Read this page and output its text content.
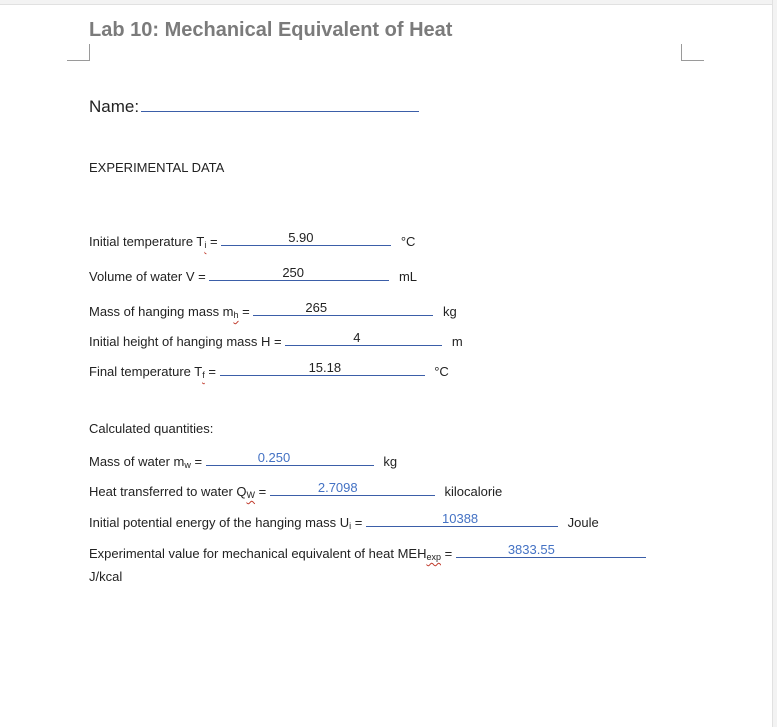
Lab 10: Mechanical Equivalent of Heat
Name:
EXPERIMENTAL DATA
Initial temperature $T_i$ =	5.90	°C
Volume of water V =	250	mL
Mass of hanging mass $m_h$ =	265	kg
Initial height of hanging mass H =	4	m
Final temperature $T_f$ =	15.18	°C
Calculated quantities:
Mass of water $m_w$ =	0.250	kg
Heat transferred to water $Q_W$ =	2.7098	kilocalorie
Initial potential energy of the hanging mass $U_i$ =	10388	Joule
Experimental value for mechanical equivalent of heat $MEH_{exp}$ =	3833.55

J/kcal
